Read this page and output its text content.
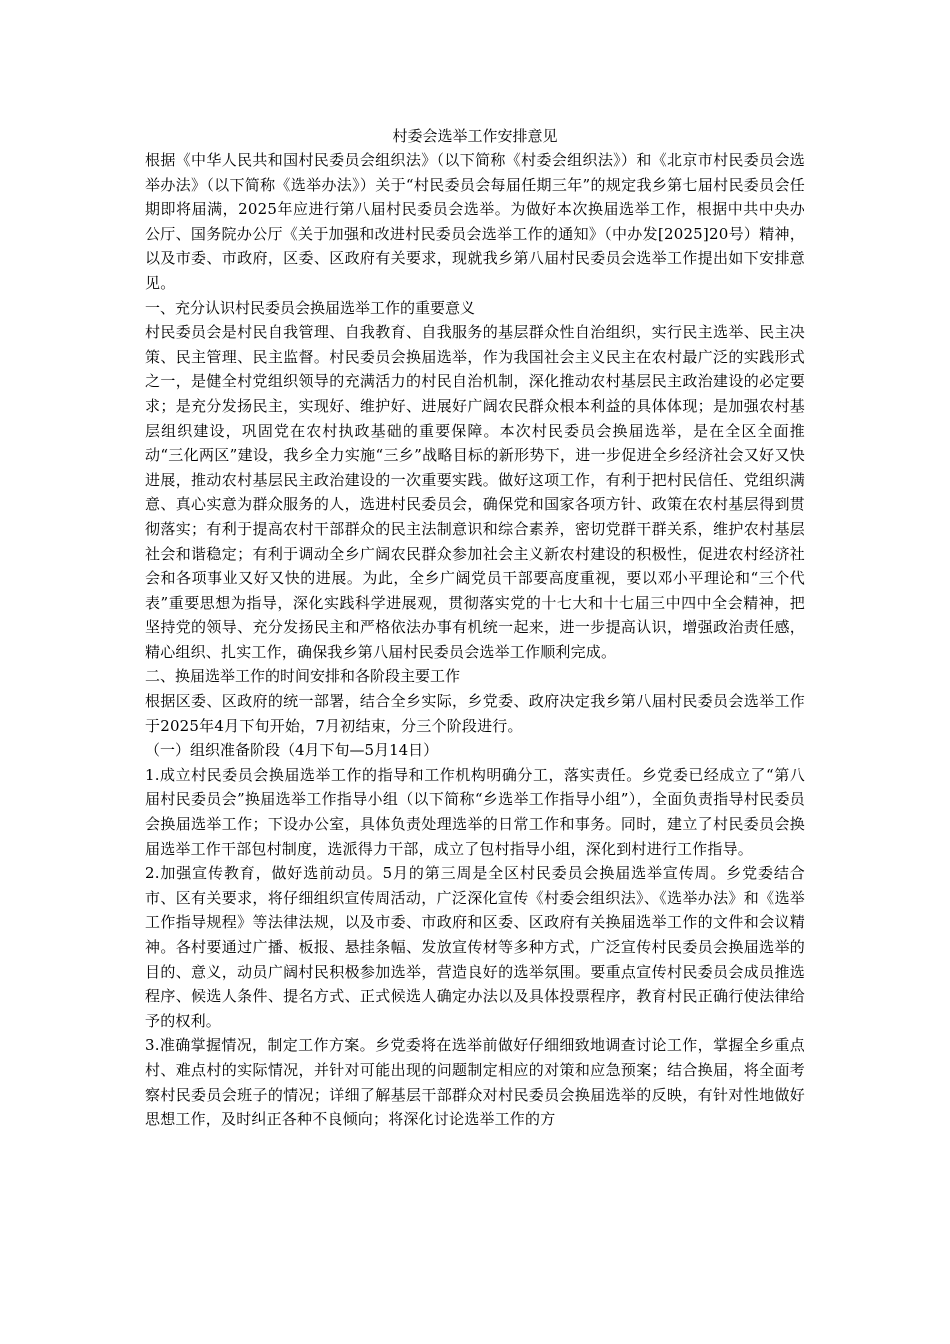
村委会选举工作安排意见

根据《中华人民共和国村民委员会组织法》（以下简称《村委会组织法》）和《北京市村民委员会选举办法》（以下简称《选举办法》）关于“村民委员会每届任期三年”的规定我乡第七届村民委员会任期即将届满，2025年应进行第八届村民委员会选举。为做好本次换届选举工作，根据中共中央办公厅、国务院办公厅《关于加强和改进村民委员会选举工作的通知》（中办发[2025]20号）精神，以及市委、市政府，区委、区政府有关要求，现就我乡第八届村民委员会选举工作提出如下安排意见。

一、充分认识村民委员会换届选举工作的重要意义

村民委员会是村民自我管理、自我教育、自我服务的基层群众性自治组织，实行民主选举、民主决策、民主管理、民主监督。村民委员会换届选举，作为我国社会主义民主在农村最广泛的实践形式之一，是健全村党组织领导的充满活力的村民自治机制，深化推动农村基层民主政治建设的必定要求；是充分发扬民主，实现好、维护好、进展好广阔农民群众根本利益的具体体现；是加强农村基层组织建设，巩固党在农村执政基础的重要保障。本次村民委员会换届选举，是在全区全面推动“三化两区”建设，我乡全力实施“三乡”战略目标的新形势下，进一步促进全乡经济社会又好又快进展，推动农村基层民主政治建设的一次重要实践。做好这项工作，有利于把村民信任、党组织满意、真心实意为群众服务的人，选进村民委员会，确保党和国家各项方针、政策在农村基层得到贯彻落实；有利于提高农村干部群众的民主法制意识和综合素养，密切党群干群关系，维护农村基层社会和谐稳定；有利于调动全乡广阔农民群众参加社会主义新农村建设的积极性，促进农村经济社会和各项事业又好又快的进展。为此，全乡广阔党员干部要高度重视，要以邓小平理论和“三个代表”重要思想为指导，深化实践科学进展观，贯彻落实党的十七大和十七届三中四中全会精神，把坚持党的领导、充分发扬民主和严格依法办事有机统一起来，进一步提高认识，增强政治责任感，精心组织、扎实工作，确保我乡第八届村民委员会选举工作顺利完成。

二、换届选举工作的时间安排和各阶段主要工作

根据区委、区政府的统一部署，结合全乡实际，乡党委、政府决定我乡第八届村民委员会选举工作于2025年4月下旬开始，7月初结束，分三个阶段进行。

（一）组织准备阶段（4月下旬—5月14日）

1.成立村民委员会换届选举工作的指导和工作机构明确分工，落实责任。乡党委已经成立了“第八届村民委员会”换届选举工作指导小组（以下简称“乡选举工作指导小组”），全面负责指导村民委员会换届选举工作；下设办公室，具体负责处理选举的日常工作和事务。同时，建立了村民委员会换届选举工作干部包村制度，选派得力干部，成立了包村指导小组，深化到村进行工作指导。

2.加强宣传教育，做好选前动员。5月的第三周是全区村民委员会换届选举宣传周。乡党委结合市、区有关要求，将仔细组织宣传周活动，广泛深化宣传《村委会组织法》、《选举办法》和《选举工作指导规程》等法律法规，以及市委、市政府和区委、区政府有关换届选举工作的文件和会议精神。各村要通过广播、板报、悬挂条幅、发放宣传材等多种方式，广泛宣传村民委员会换届选举的目的、意义，动员广阔村民积极参加选举，营造良好的选举氛围。要重点宣传村民委员会成员推选程序、候选人条件、提名方式、正式候选人确定办法以及具体投票程序，教育村民正确行使法律给予的权利。

3.准确掌握情况，制定工作方案。乡党委将在选举前做好仔细细致地调查讨论工作，掌握全乡重点村、难点村的实际情况，并针对可能出现的问题制定相应的对策和应急预案；结合换届，将全面考察村民委员会班子的情况；详细了解基层干部群众对村民委员会换届选举的反映，有针对性地做好思想工作，及时纠正各种不良倾向；将深化讨论选举工作的方
